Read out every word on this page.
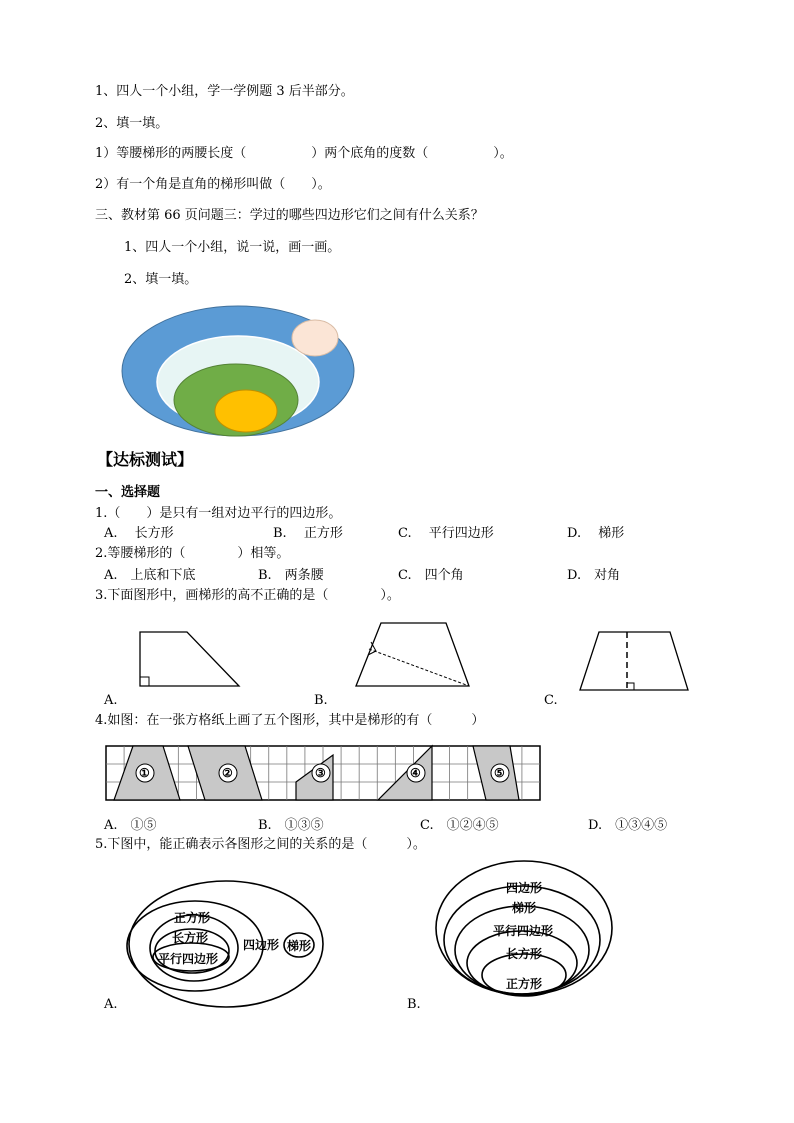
1、四人一个小组，学一学例题 3 后半部分。
2、填一填。
1）等腰梯形的两腰长度（　　　　　）两个底角的度数（　　　　　）。
2）有一个角是直角的梯形叫做（　　）。
三、教材第 66 页问题三：学过的哪些四边形它们之间有什么关系？
1、四人一个小组，说一说，画一画。
2、填一填。
【达标测试】
一、选择题
1.（　　）是只有一组对边平行的四边形。
A.　 长方形	B.　 正方形	C.　 平行四边形	D.　 梯形
2.等腰梯形的（　　　　）相等。
A.　上底和下底	B.　两条腰	C.　四个角	D.　对角
3.下面图形中，画梯形的高不正确的是（　　　　）。
A.	B.	C.
4.如图：在一张方格纸上画了五个图形，其中是梯形的有（　　　）
①	②	③	④	⑤
A.　①⑤	B.　①③⑤	C.　①②④⑤	D.　①③④⑤
5.下图中，能正确表示各图形之间的关系的是（　　　）。
正方形
长方形
平行四边形
四边形 梯形
四边形
梯形
平行四边形
长方形
正方形
A.	B.
